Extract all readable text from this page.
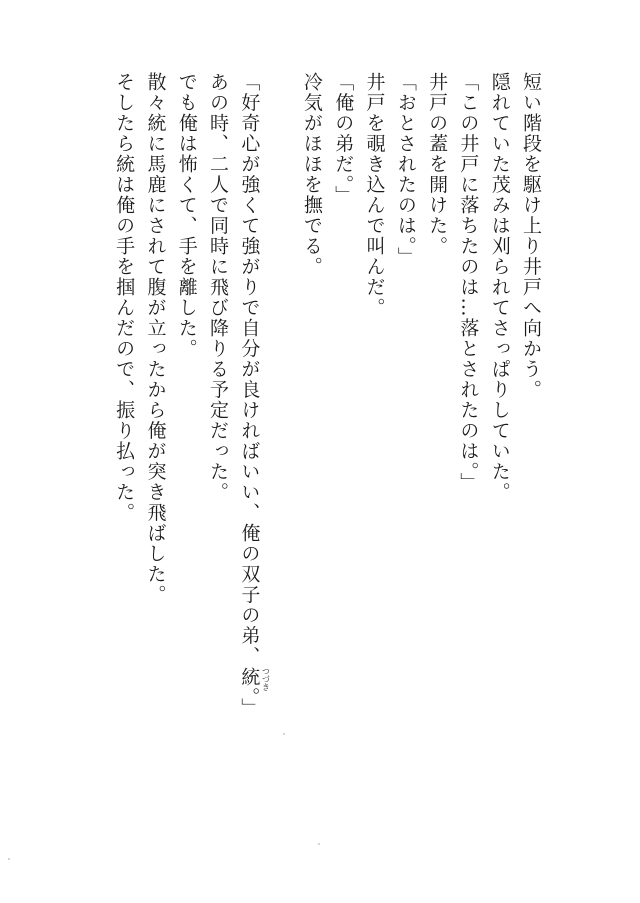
短い階段を駆け上り井戸へ向かう。
隠れていた茂みは刈られてさっぱりしていた。
「この井戸に落ちたのは…落とされたのは。」
井戸の蓋を開けた。
「おとされたのは。」
井戸を覗き込んで叫んだ。
「俺の弟だ。」
冷気がほほを撫でる。
「好奇心が強くて強がりで自分が良ければいい、俺の双子の弟、統 つづき
。」
あの時、二人で同時に飛び降りる予定だった。
でも俺は怖くて、手を離した。
散々統に馬鹿にされて腹が立ったから俺が突き飛ばした。
そしたら統は俺の手を掴んだので、振り払った。
